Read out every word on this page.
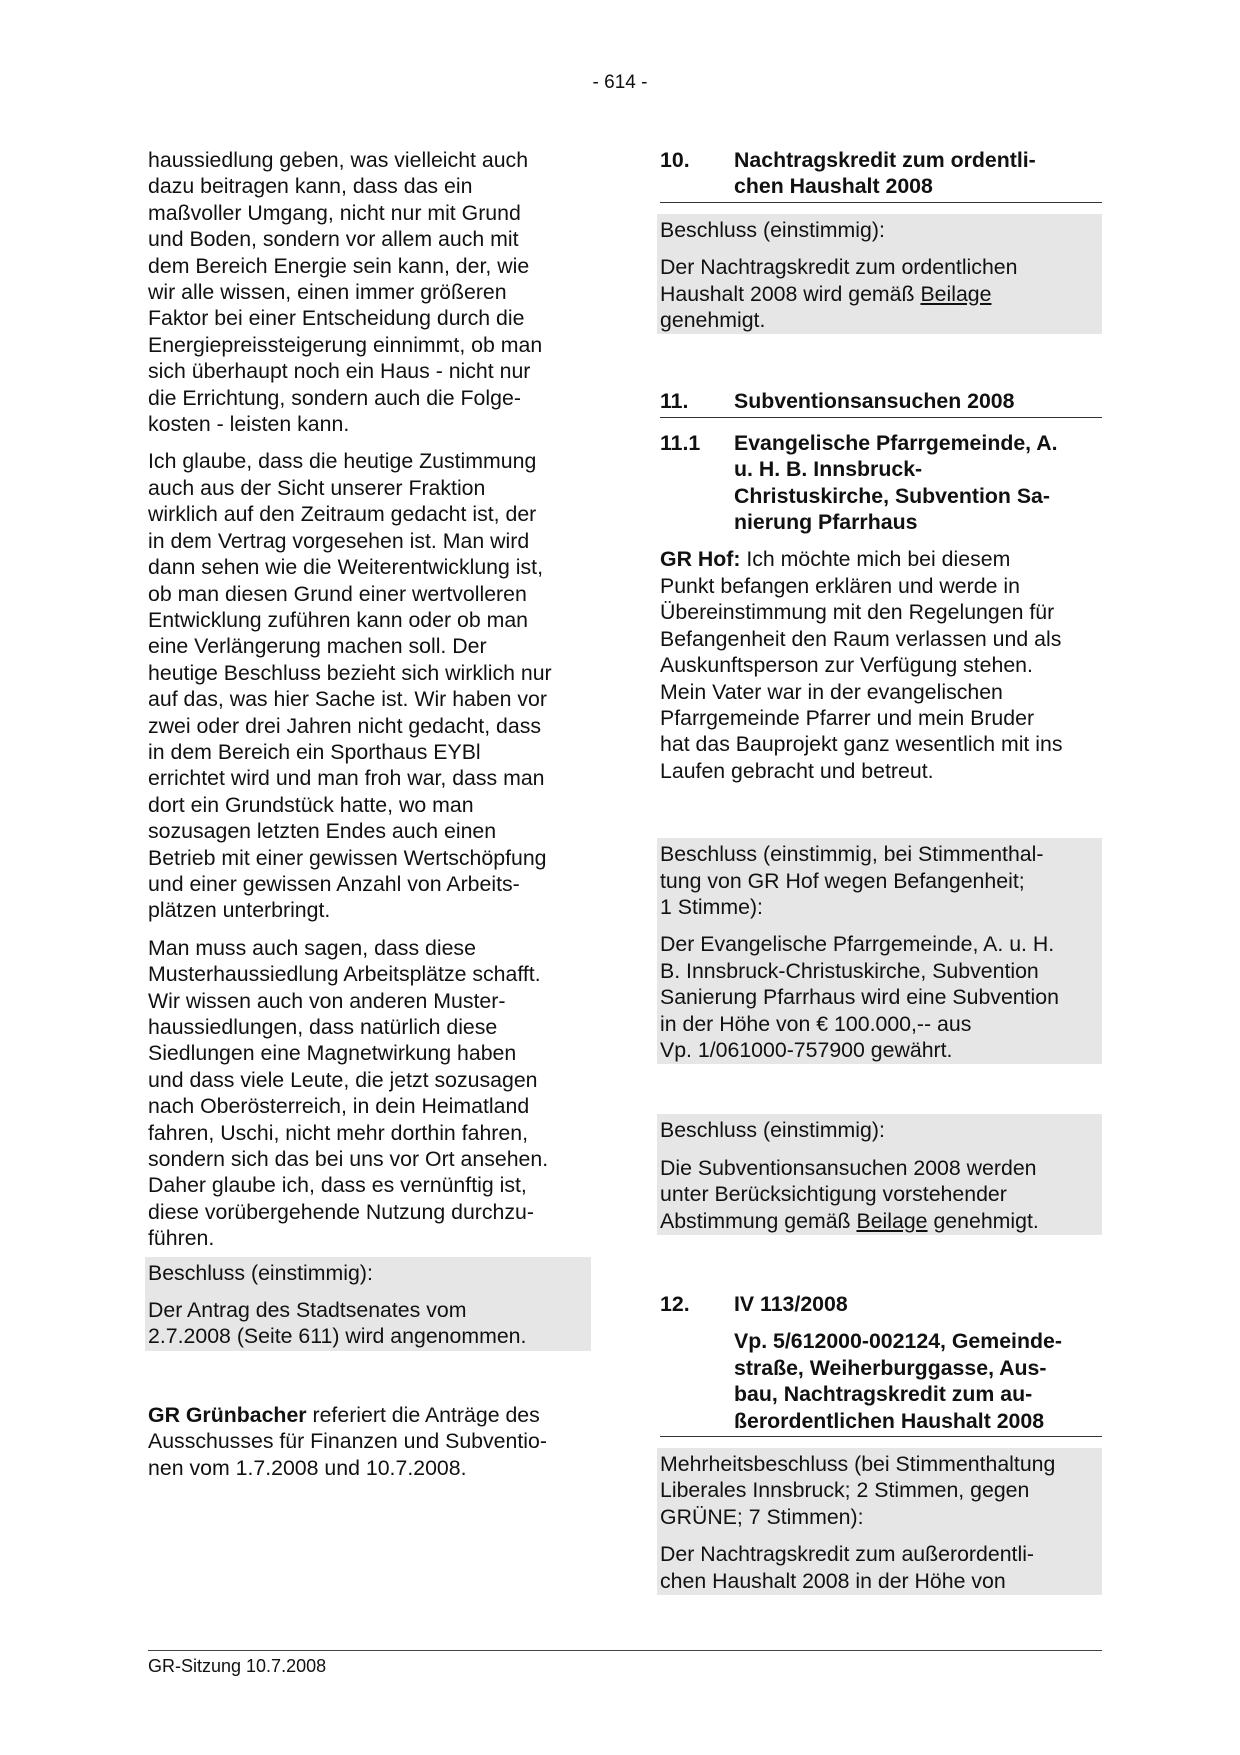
- 614 -
haussiedlung geben, was vielleicht auch
dazu beitragen kann, dass das ein
maßvoller Umgang, nicht nur mit Grund
und Boden, sondern vor allem auch mit
dem Bereich Energie sein kann, der, wie
wir alle wissen, einen immer größeren
Faktor bei einer Entscheidung durch die
Energiepreissteigerung einnimmt, ob man
sich überhaupt noch ein Haus - nicht nur
die Errichtung, sondern auch die Folge-
kosten - leisten kann.
Ich glaube, dass die heutige Zustimmung
auch aus der Sicht unserer Fraktion
wirklich auf den Zeitraum gedacht ist, der
in dem Vertrag vorgesehen ist. Man wird
dann sehen wie die Weiterentwicklung ist,
ob man diesen Grund einer wertvolleren
Entwicklung zuführen kann oder ob man
eine Verlängerung machen soll. Der
heutige Beschluss bezieht sich wirklich nur
auf das, was hier Sache ist. Wir haben vor
zwei oder drei Jahren nicht gedacht, dass
in dem Bereich ein Sporthaus EYBl
errichtet wird und man froh war, dass man
dort ein Grundstück hatte, wo man
sozusagen letzten Endes auch einen
Betrieb mit einer gewissen Wertschöpfung
und einer gewissen Anzahl von Arbeits-
plätzen unterbringt.
Man muss auch sagen, dass diese
Musterhaussiedlung Arbeitsplätze schafft.
Wir wissen auch von anderen Muster-
haussiedlungen, dass natürlich diese
Siedlungen eine Magnetwirkung haben
und dass viele Leute, die jetzt sozusagen
nach Oberösterreich, in dein Heimatland
fahren, Uschi, nicht mehr dorthin fahren,
sondern sich das bei uns vor Ort ansehen.
Daher glaube ich, dass es vernünftig ist,
diese vorübergehende Nutzung durchzu-
führen.
Beschluss (einstimmig):
Der Antrag des Stadtsenates vom
2.7.2008 (Seite 611) wird angenommen.
GR Grünbacher referiert die Anträge des
Ausschusses für Finanzen und Subventio-
nen vom 1.7.2008 und 10.7.2008.
10.	Nachtragskredit zum ordentli-
chen Haushalt 2008
Beschluss (einstimmig):
Der Nachtragskredit zum ordentlichen
Haushalt 2008 wird gemäß Beilage
genehmigt.
11.	Subventionsansuchen 2008
11.1	Evangelische Pfarrgemeinde, A.
u. H. B. Innsbruck-
Christuskirche, Subvention Sa-
nierung Pfarrhaus
GR Hof: Ich möchte mich bei diesem
Punkt befangen erklären und werde in
Übereinstimmung mit den Regelungen für
Befangenheit den Raum verlassen und als
Auskunftsperson zur Verfügung stehen.
Mein Vater war in der evangelischen
Pfarrgemeinde Pfarrer und mein Bruder
hat das Bauprojekt ganz wesentlich mit ins
Laufen gebracht und betreut.
Beschluss (einstimmig, bei Stimmenthal-
tung von GR Hof wegen Befangenheit;
1 Stimme):
Der Evangelische Pfarrgemeinde, A. u. H.
B. Innsbruck-Christuskirche, Subvention
Sanierung Pfarrhaus wird eine Subvention
in der Höhe von € 100.000,-- aus
Vp. 1/061000-757900 gewährt.
Beschluss (einstimmig):
Die Subventionsansuchen 2008 werden
unter Berücksichtigung vorstehender
Abstimmung gemäß Beilage genehmigt.
12.	IV 113/2008
Vp. 5/612000-002124, Gemeinde-
straße, Weiherburggasse, Aus-
bau, Nachtragskredit zum au-
ßerordentlichen Haushalt 2008
Mehrheitsbeschluss (bei Stimmenthaltung
Liberales Innsbruck; 2 Stimmen, gegen
GRÜNE; 7 Stimmen):
Der Nachtragskredit zum außerordentli-
chen Haushalt 2008 in der Höhe von
GR-Sitzung 10.7.2008
